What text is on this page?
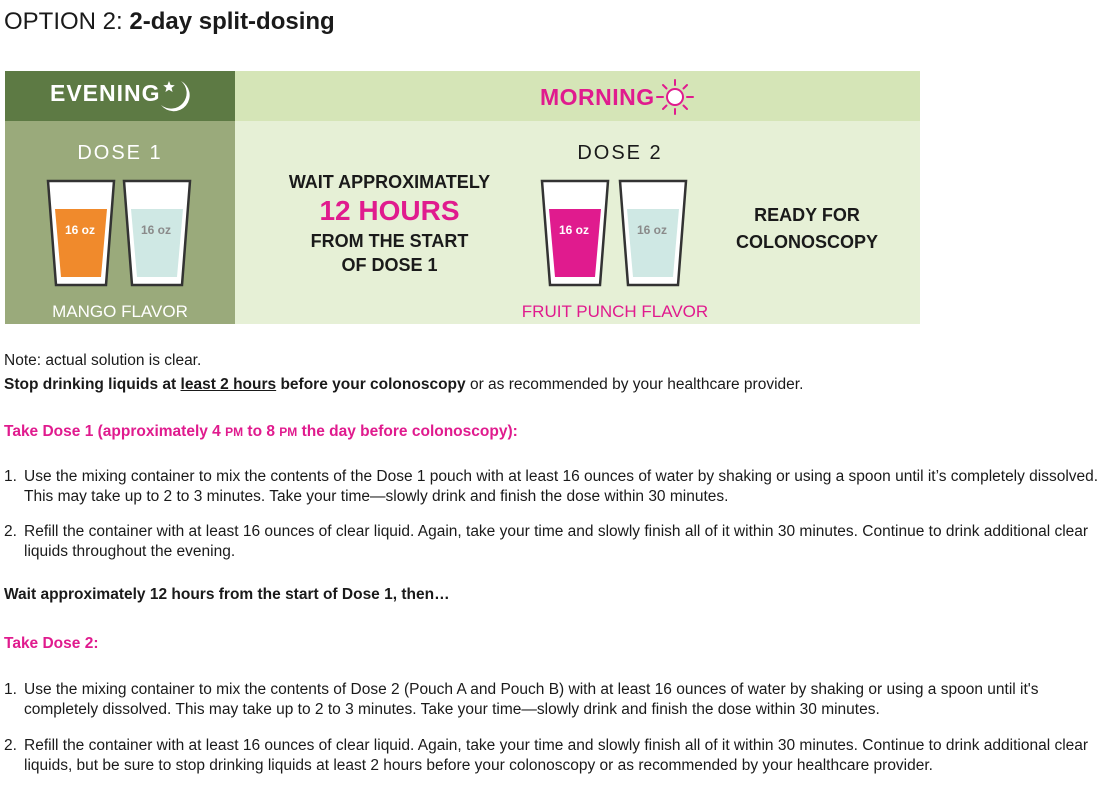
OPTION 2: 2-day split-dosing
EVENING	MORNING
DOSE 1	DOSE 2
16 oz	16 oz	16 oz	16 oz
MANGO FLAVOR	FRUIT PUNCH FLAVOR
WAIT APPROXIMATELY
12 HOURS
FROM THE START
OF DOSE 1
READY FOR
COLONOSCOPY
Note: actual solution is clear.
Stop drinking liquids at least 2 hours before your colonoscopy or as recommended by your healthcare provider.
Take Dose 1 (approximately 4 PM to 8 PM the day before colonoscopy):
1. Use the mixing container to mix the contents of the Dose 1 pouch with at least 16 ounces of water by shaking or using a spoon until it’s completely dissolved. This may take up to 2 to 3 minutes. Take your time—slowly drink and finish the dose within 30 minutes.
2. Refill the container with at least 16 ounces of clear liquid. Again, take your time and slowly finish all of it within 30 minutes. Continue to drink additional clear liquids throughout the evening.
Wait approximately 12 hours from the start of Dose 1, then…
Take Dose 2:
1. Use the mixing container to mix the contents of Dose 2 (Pouch A and Pouch B) with at least 16 ounces of water by shaking or using a spoon until it's completely dissolved. This may take up to 2 to 3 minutes. Take your time—slowly drink and finish the dose within 30 minutes.
2. Refill the container with at least 16 ounces of clear liquid. Again, take your time and slowly finish all of it within 30 minutes. Continue to drink additional clear liquids, but be sure to stop drinking liquids at least 2 hours before your colonoscopy or as recommended by your healthcare provider.
